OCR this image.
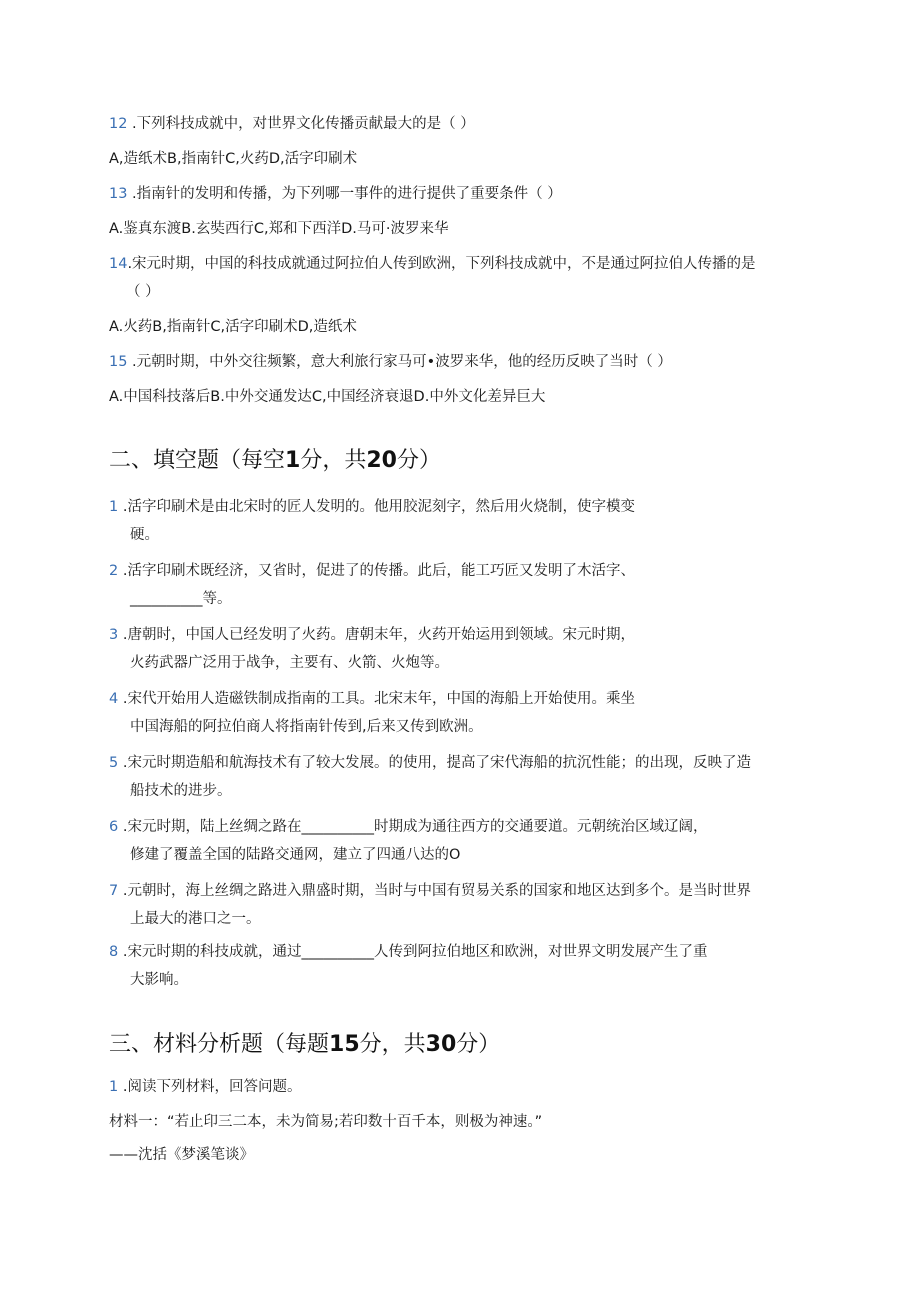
12 .下列科技成就中，对世界文化传播贡献最大的是（ ）
A,造纸术B,指南针C,火药D,活字印刷术
13 .指南针的发明和传播，为下列哪一事件的进行提供了重要条件（ ）
A.鉴真东渡B.玄奘西行C,郑和下西洋D.马可·波罗来华
14.宋元时期，中国的科技成就通过阿拉伯人传到欧洲，下列科技成就中，不是通过阿拉伯人传播的是
（ ）
A.火药B,指南针C,活字印刷术D,造纸术
15 .元朝时期，中外交往频繁，意大利旅行家马可•波罗来华，他的经历反映了当时（ ）
A.中国科技落后B.中外交通发达C,中国经济衰退D.中外文化差异巨大
二、填空题（每空1分，共20分）
1 .活字印刷术是由北宋时的匠人发明的。他用胶泥刻字，然后用火烧制，使字模变
硬。
2 .活字印刷术既经济，又省时，促进了的传播。此后，能工巧匠又发明了木活字、
__________等。
3 .唐朝时，中国人已经发明了火药。唐朝末年，火药开始运用到领域。宋元时期，
火药武器广泛用于战争，主要有、火箭、火炮等。
4 .宋代开始用人造磁铁制成指南的工具。北宋末年，中国的海船上开始使用。乘坐
中国海船的阿拉伯商人将指南针传到,后来又传到欧洲。
5 .宋元时期造船和航海技术有了较大发展。的使用，提高了宋代海船的抗沉性能；的出现，反映了造
船技术的进步。
6 .宋元时期，陆上丝绸之路在__________时期成为通往西方的交通要道。元朝统治区域辽阔，
修建了覆盖全国的陆路交通网，建立了四通八达的O
7 .元朝时，海上丝绸之路进入鼎盛时期，当时与中国有贸易关系的国家和地区达到多个。是当时世界
上最大的港口之一。
8 .宋元时期的科技成就，通过__________人传到阿拉伯地区和欧洲，对世界文明发展产生了重
大影响。
三、材料分析题（每题15分，共30分）
1 .阅读下列材料，回答问题。
材料一：“若止印三二本，未为简易;若印数十百千本，则极为神速。”
——沈括《梦溪笔谈》
